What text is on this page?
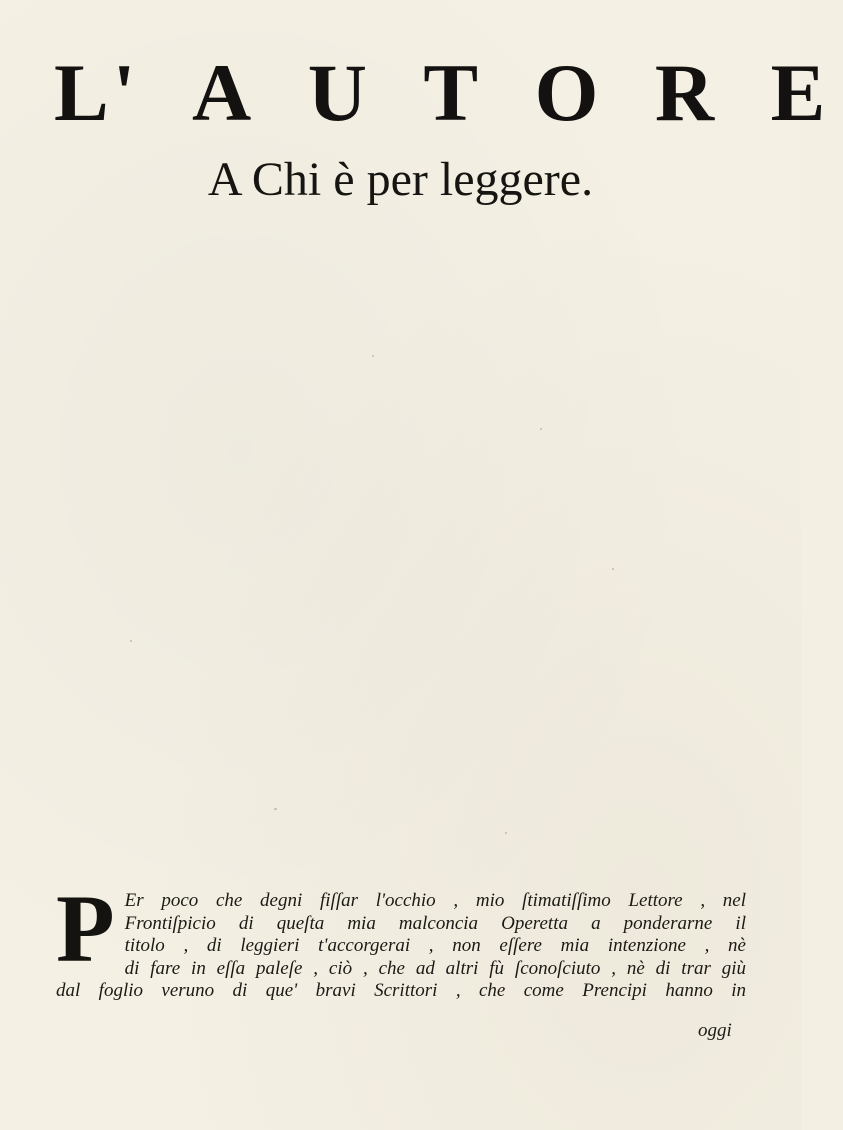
L' A U T O R E
A Chi è per leggere.
P Er poco che degni fiſſar l'occhio , mio ſtimatiſſimo Lettore , nel
Frontiſpicio di queſta mia malconcia Operetta a ponderarne il
titolo , di leggieri t'accorgerai , non eſſere mia intenzione , nè
di fare in eſſa paleſe , ciò , che ad altri fù ſconoſciuto , nè di trar giù
dal foglio veruno di que' bravi Scrittori , che come Prencipi hanno in
oggi
